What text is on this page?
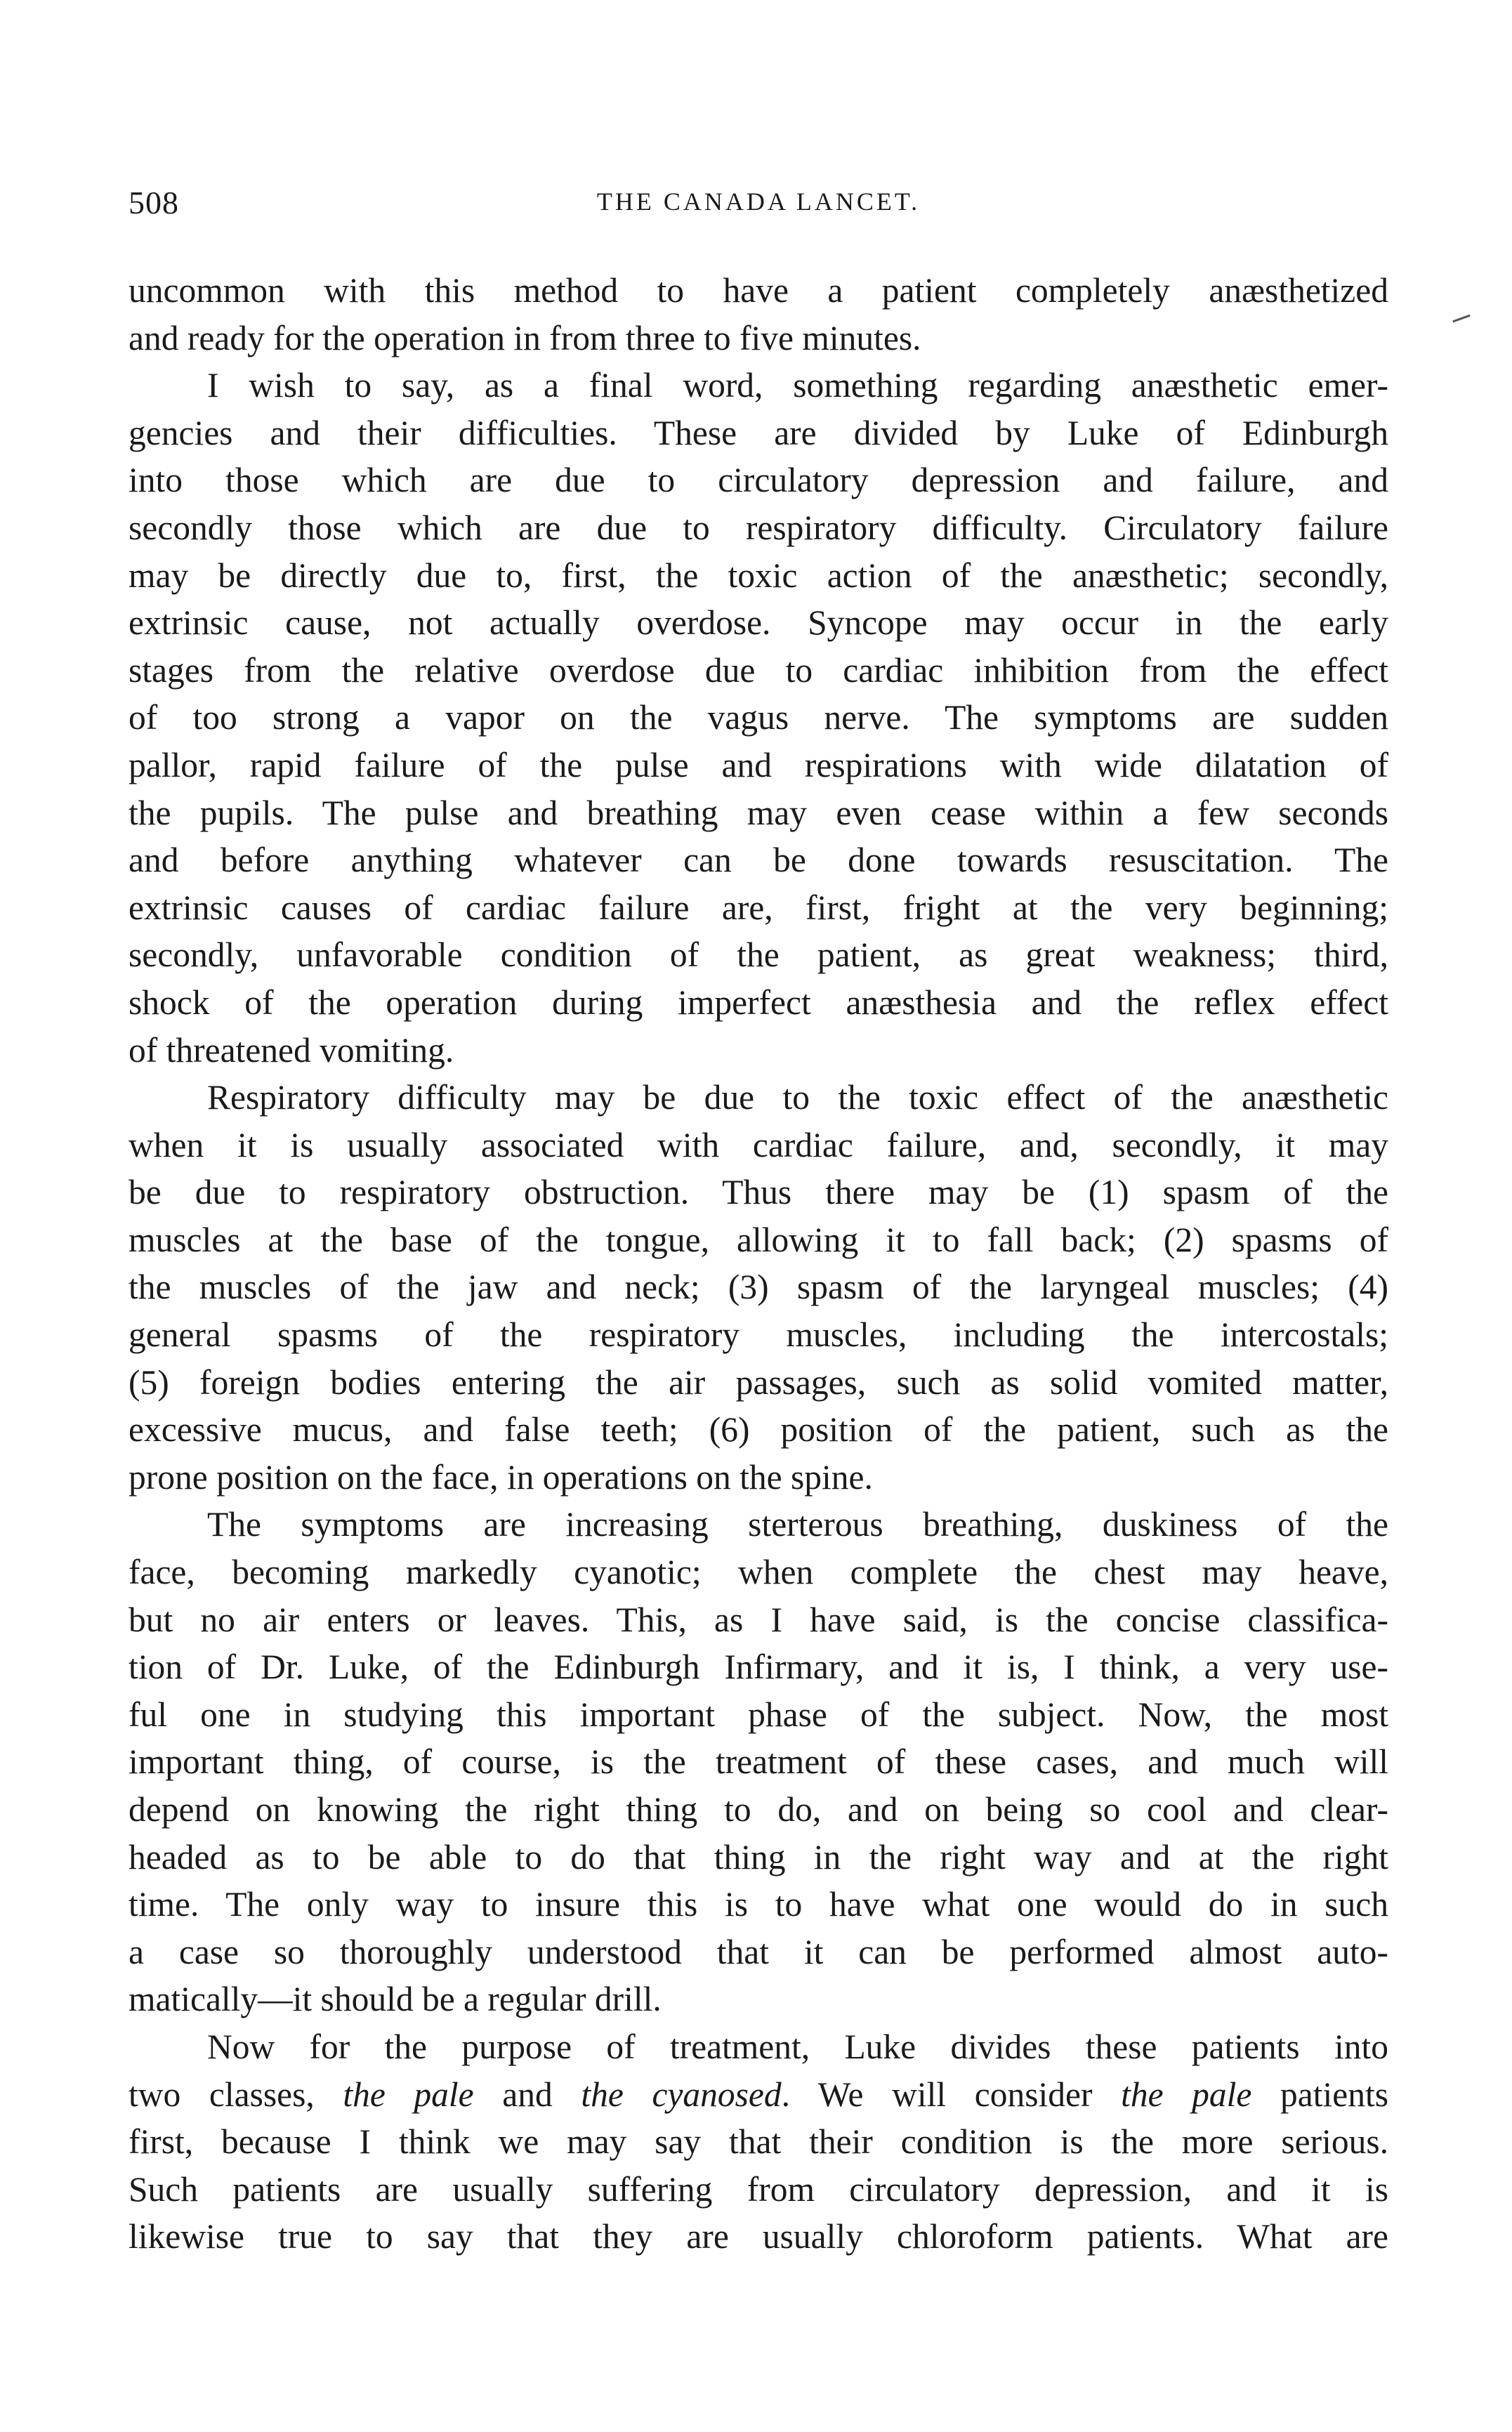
508	THE CANADA LANCET.

uncommon with this method to have a patient completely anæsthetized
and ready for the operation in from three to five minutes.

I wish to say, as a final word, something regarding anæsthetic emer-
gencies and their difficulties. These are divided by Luke of Edinburgh
into those which are due to circulatory depression and failure, and
secondly those which are due to respiratory difficulty. Circulatory failure
may be directly due to, first, the toxic action of the anæsthetic; secondly,
extrinsic cause, not actually overdose. Syncope may occur in the early
stages from the relative overdose due to cardiac inhibition from the effect
of too strong a vapor on the vagus nerve. The symptoms are sudden
pallor, rapid failure of the pulse and respirations with wide dilatation of
the pupils. The pulse and breathing may even cease within a few seconds
and before anything whatever can be done towards resuscitation. The
extrinsic causes of cardiac failure are, first, fright at the very beginning;
secondly, unfavorable condition of the patient, as great weakness; third,
shock of the operation during imperfect anæsthesia and the reflex effect
of threatened vomiting.

Respiratory difficulty may be due to the toxic effect of the anæsthetic
when it is usually associated with cardiac failure, and, secondly, it may
be due to respiratory obstruction. Thus there may be (1) spasm of the
muscles at the base of the tongue, allowing it to fall back; (2) spasms of
the muscles of the jaw and neck; (3) spasm of the laryngeal muscles; (4)
general spasms of the respiratory muscles, including the intercostals;
(5) foreign bodies entering the air passages, such as solid vomited matter,
excessive mucus, and false teeth; (6) position of the patient, such as the
prone position on the face, in operations on the spine.

The symptoms are increasing sterterous breathing, duskiness of the
face, becoming markedly cyanotic; when complete the chest may heave,
but no air enters or leaves. This, as I have said, is the concise classifica-
tion of Dr. Luke, of the Edinburgh Infirmary, and it is, I think, a very use-
ful one in studying this important phase of the subject. Now, the most
important thing, of course, is the treatment of these cases, and much will
depend on knowing the right thing to do, and on being so cool and clear-
headed as to be able to do that thing in the right way and at the right
time. The only way to insure this is to have what one would do in such
a case so thoroughly understood that it can be performed almost auto-
matically—it should be a regular drill.

Now for the purpose of treatment, Luke divides these patients into
two classes, the pale and the cyanosed. We will consider the pale patients
first, because I think we may say that their condition is the more serious.
Such patients are usually suffering from circulatory depression, and it is
likewise true to say that they are usually chloroform patients. What are
